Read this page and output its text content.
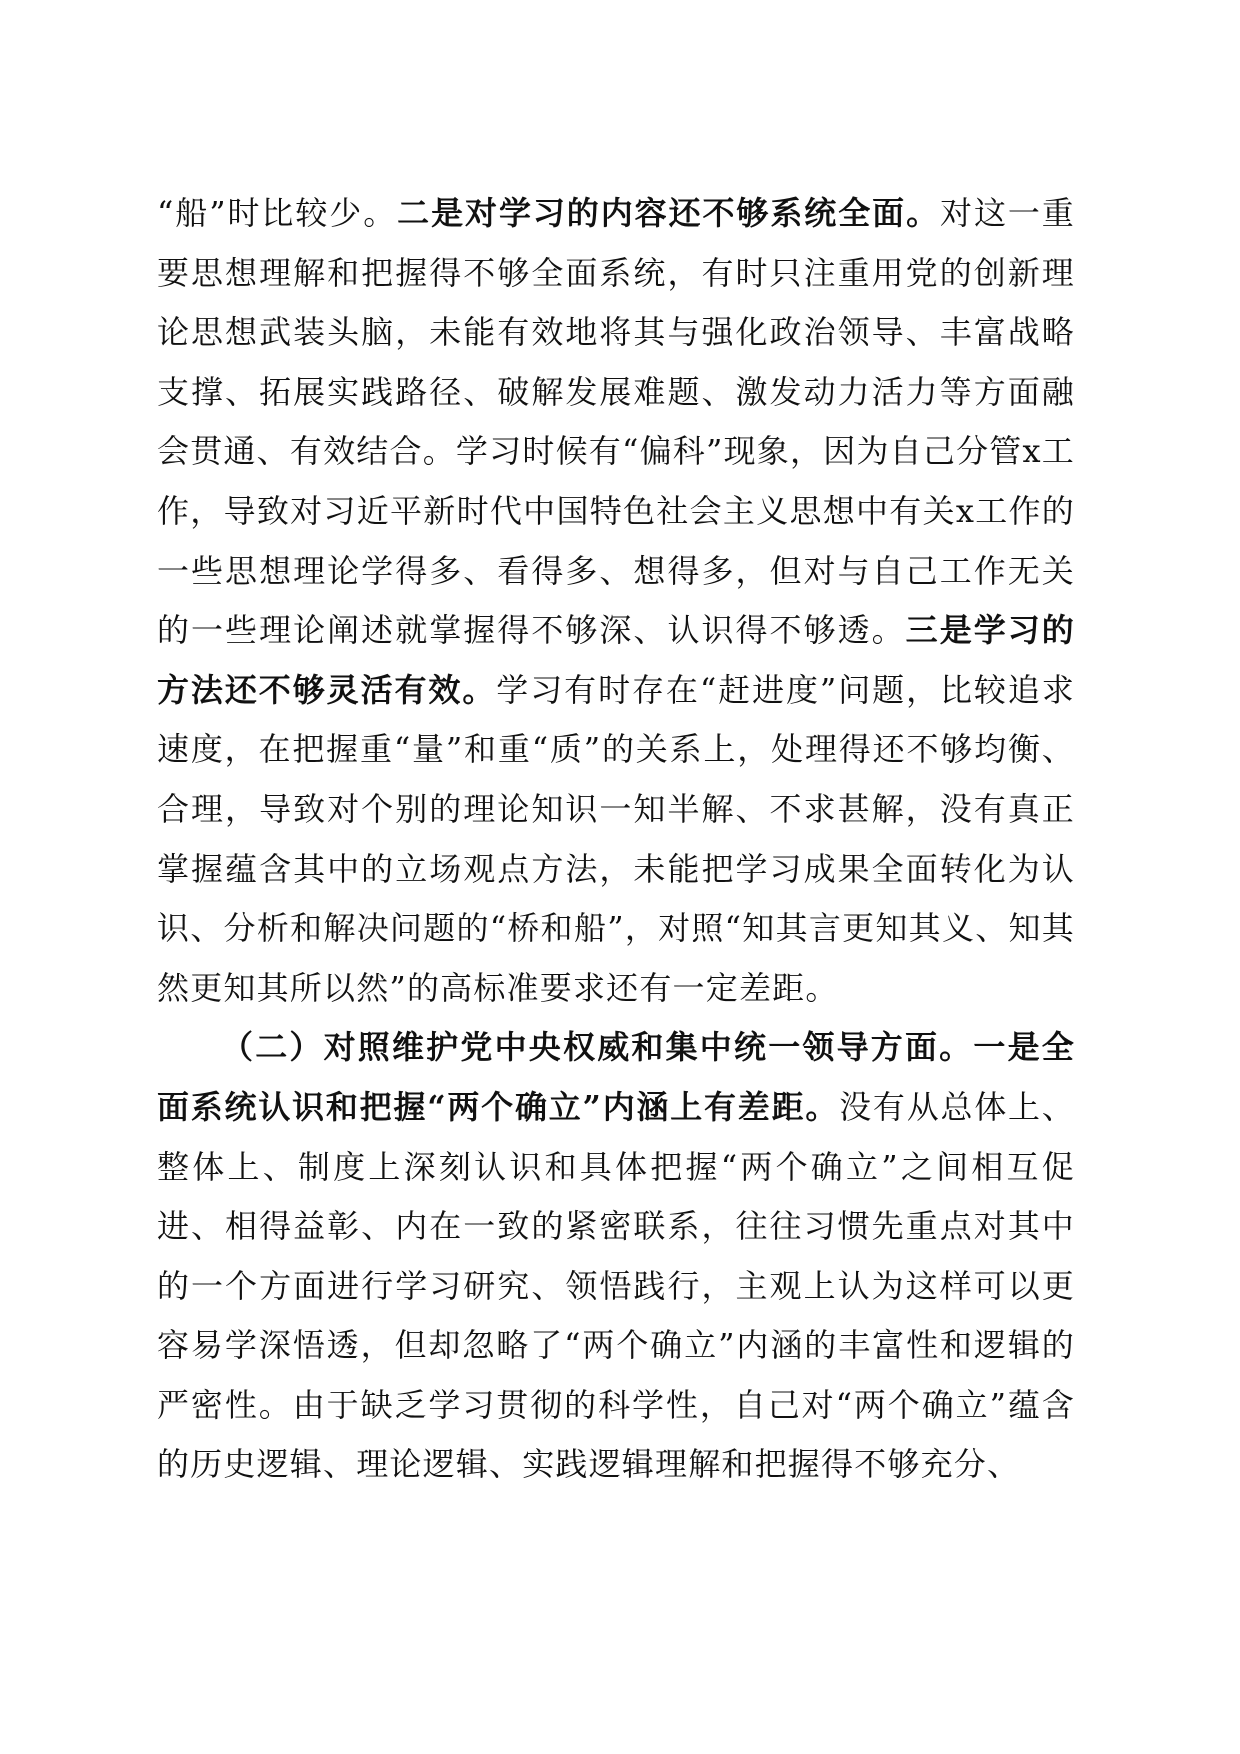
“船”时比较少。二是对学习的内容还不够系统全面。对这一重要思想理解和把握得不够全面系统，有时只注重用党的创新理论思想武装头脑，未能有效地将其与强化政治领导、丰富战略支撑、拓展实践路径、破解发展难题、激发动力活力等方面融会贯通、有效结合。学习时候有“偏科”现象，因为自己分管x工作，导致对习近平新时代中国特色社会主义思想中有关x工作的一些思想理论学得多、看得多、想得多，但对与自己工作无关的一些理论阐述就掌握得不够深、认识得不够透。三是学习的方法还不够灵活有效。学习有时存在“赶进度”问题，比较追求速度，在把握重“量”和重“质”的关系上，处理得还不够均衡、合理，导致对个别的理论知识一知半解、不求甚解，没有真正掌握蕴含其中的立场观点方法，未能把学习成果全面转化为认识、分析和解决问题的“桥和船”，对照“知其言更知其义、知其然更知其所以然”的高标准要求还有一定差距。

（二）对照维护党中央权威和集中统一领导方面。一是全面系统认识和把握“两个确立”内涵上有差距。没有从总体上、整体上、制度上深刻认识和具体把握“两个确立”之间相互促进、相得益彰、内在一致的紧密联系，往往习惯先重点对其中的一个方面进行学习研究、领悟践行，主观上认为这样可以更容易学深悟透，但却忽略了“两个确立”内涵的丰富性和逻辑的严密性。由于缺乏学习贯彻的科学性，自己对“两个确立”蕴含的历史逻辑、理论逻辑、实践逻辑理解和把握得不够充分、
